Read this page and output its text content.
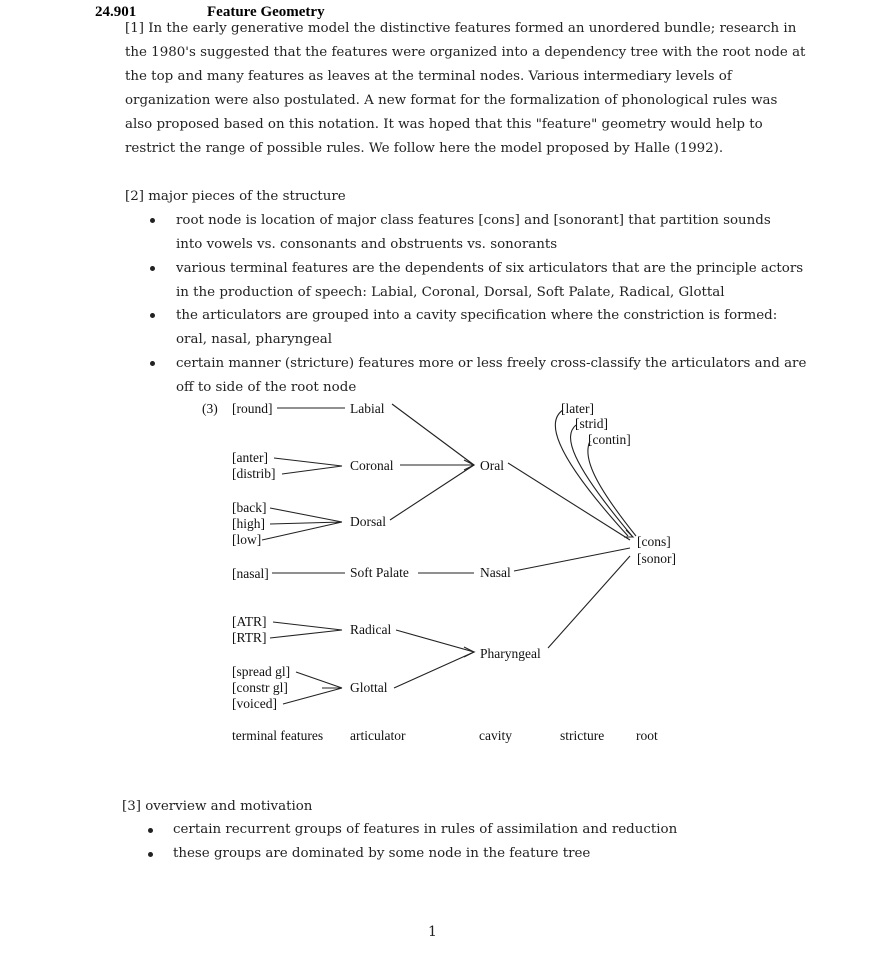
24.901	Feature Geometry
[1] In the early generative model the distinctive features formed an unordered bundle; research in
the 1980's suggested that the features were organized into a dependency tree with the root node at
the top and many features as leaves at the terminal nodes. Various intermediary levels of
organization were also postulated. A new format for the formalization of phonological rules was
also proposed based on this notation. It was hoped that this "feature" geometry would help to
restrict the range of possible rules. We follow here the model proposed by Halle (1992).
[2] major pieces of the structure
root node is location of major class features [cons] and [sonorant] that partition sounds
into vowels vs. consonants and obstruents vs. sonorants
various terminal features are the dependents of six articulators that are the principle actors
in the production of speech: Labial, Coronal, Dorsal, Soft Palate, Radical, Glottal
the articulators are grouped into a cavity specification where the constriction is formed:
oral, nasal, pharyngeal
certain manner (stricture) features more or less freely cross-classify the articulators and are
off to side of the root node
(3) [round]
[anter]
[distrib]
[back]
[high]
[low]
[nasal]
[ATR]
[RTR]
[spread gl]
[constr gl]
[voiced]
Labial
Coronal
Dorsal
Soft Palate
Radical
Glottal
Oral
Nasal
Pharyngeal
[later]
[strid]
[contin]
[cons]
[sonor]
terminal features articulator	cavity	stricture root
[3] overview and motivation
certain recurrent groups of features in rules of assimilation and reduction
these groups are dominated by some node in the feature tree
1
